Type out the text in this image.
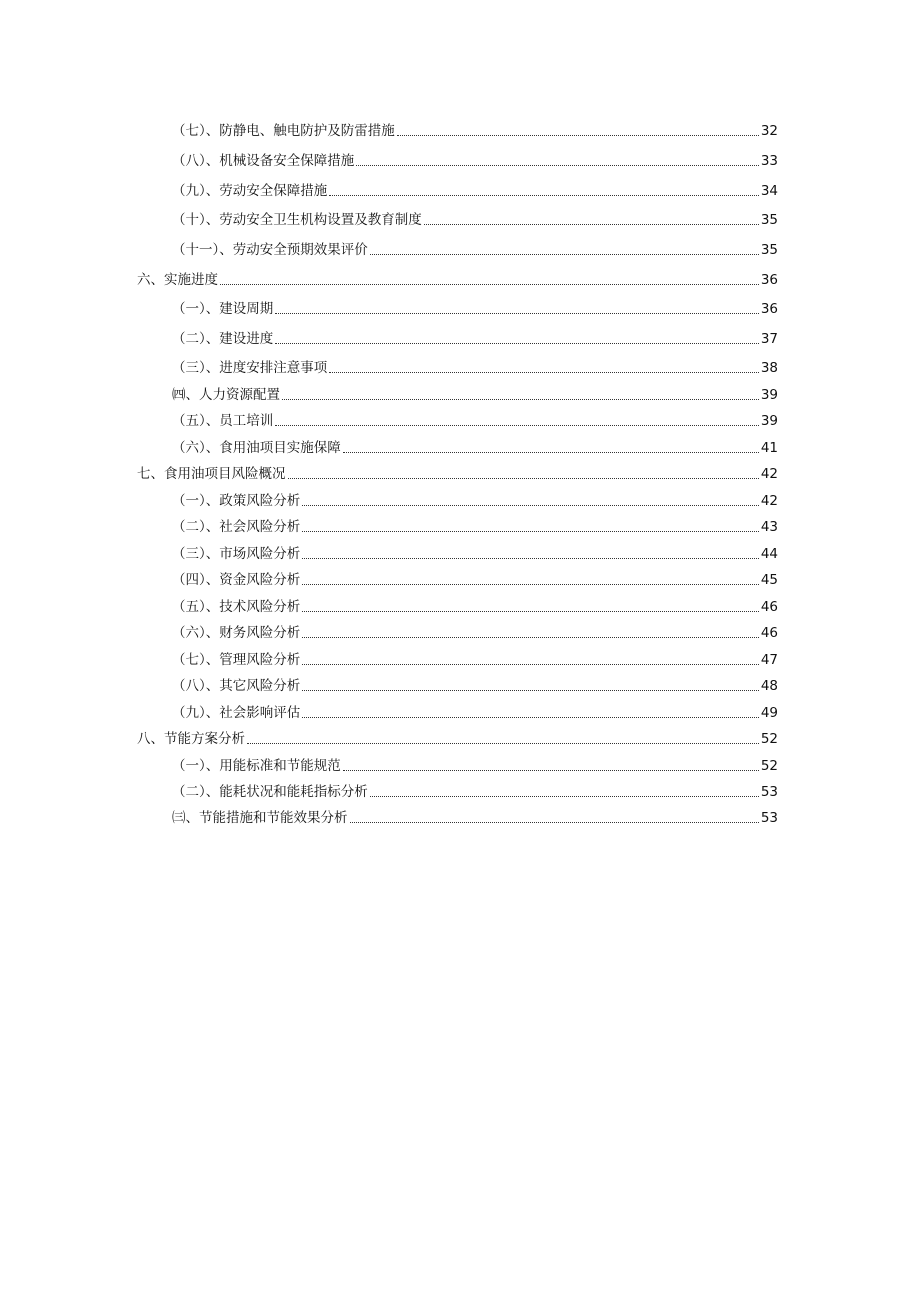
（七）、防静电、触电防护及防雷措施	32
（八）、机械设备安全保障措施	33
（九）、劳动安全保障措施	34
（十）、劳动安全卫生机构设置及教育制度	35
（十一）、劳动安全预期效果评价	35
六、实施进度	36
（一）、建设周期	36
（二）、建设进度	37
（三）、进度安排注意事项	38
㈣、人力资源配置	39
（五）、员工培训	39
（六）、食用油项目实施保障	41
七、食用油项目风险概况	42
（一）、政策风险分析	42
（二）、社会风险分析	43
（三）、市场风险分析	44
（四）、资金风险分析	45
（五）、技术风险分析	46
（六）、财务风险分析	46
（七）、管理风险分析	47
（八）、其它风险分析	48
（九）、社会影响评估	49
八、节能方案分析	52
（一）、用能标准和节能规范	52
（二）、能耗状况和能耗指标分析	53
㈢、节能措施和节能效果分析	53
